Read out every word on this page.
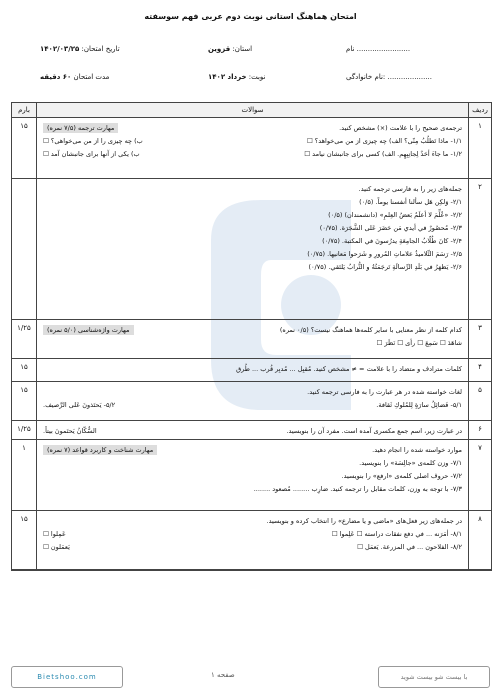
امتحان هماهنگ استانی نوبت دوم عربی فهم سوسفته
نام ........................
استان: قزوین
تاریخ امتحان: ۱۴۰۲/۰۳/۲۵
نام خانوادگی: ....................
نوبت: خرداد ۱۴۰۲
مدت امتحان ۶۰ دقیقه
ردیف
سوالات
بارم
۱
ترجمه‌ی صحیح را با علامت (×) مشخص کنید.
مهارت ترجمه (۷/۵ نمره)
۱/۱- ماذا تَطلُبُ مِنّی؟ الف) چه چیزی از من می‌خواهد؟ ☐
ب) چه چیزی را از من می‌خواهی؟ ☐
۱/۲- ما جاءَ أحَدٌ لِجانِبِهِم. الف) کسی برای جانبشان نیامد ☐
ب) یکی از آنها برای جانبشان آمد ☐
۱۵
۲
جمله‌های زیر را به فارسی ترجمه کنید.
۲/۱- وَلكِن هَل سألنا أنفسنا يوماً. (۰/۵)
۲/۲- «عُلِّمَ لا أعلَمُ بَعضُ العِلمِ» (دانشمندان) (۰/۵)
۲/۳- مُحصُورٌ في أيدي مَن حَضَرَ عَلی الشَّجَرَة. (۰/۷۵)
۲/۴- كانَ طُلّابُ الجامِعَةِ يدرُسونَ في المكتبة. (۰/۷۵)
۲/۵- رَسَمَ التِّلاميذُ علاماتِ المُرورِ و شَرَحوا مَعانيها. (۰/۷۵)
۲/۶- يَظهَرُ في بَلَدِ الرِّسالَةِ تَرجَمَتُهُ و التُّرابُ يَلتَقي. (۰/۷۵)
۳
کدام کلمه از نظر معنایی با سایر کلمه‌ها هماهنگ نیست؟ (۰/۵ نمره)
مهارت واژه‌شناسی (۵/۰ نمره)
شاهَدَ ☐ سَمِعَ ☐ رأی ☐ نَظَرَ ☐
۱/۲۵
۴
کلمات مترادف و متضاد را با علامت = ≠ مشخص کنید. مُقبِل ... مُدبِر قُرب ... طُرق
۱۵
۵
لغات خواسته شده در هر عبارت را به فارسی ترجمه کنید.
۵/۱- فَضائِلُ سارَةٍ لِلمُلوكِ ثَقافة.
۵/۲- يَحتَذونَ عَلی الرَّصيف.
۱۵
۶
در عبارت زیر، اسم جمع مکسری آمده است. مفرد آن را بنویسید.
السُّكّانُ يَحتَمونَ بيتاً.
۱/۲۵
۷
موارد خواسته شده را انجام دهید.
مهارت شناخت و کاربرد قواعد (۷ نمره)
۷/۱- وزن کلمه‌ی «جالِسَة» را بنویسید.
۷/۲- حروف اصلی کلمه‌ی «ارفع» را بنویسید.
۷/۳- با توجه به وزن، کلمات مقابل را ترجمه کنید. ضارِب ........ مُصعود ........
۱
۸
در جمله‌های زیر فعل‌های «ماضی و یا مضارع» را انتخاب کرده و بنویسید.
۸/۱- أمَرَنه ... في دفع نفقات دراسته ☐ عَلِموا ☐
عَمِلوا ☐
۸/۲- الفلاحون ... في المزرعة. يَعمَل ☐
يَعمَلون ☐
۱۵
Bietshoo.com	صفحه ۱	با بیست شو بیست شوید
